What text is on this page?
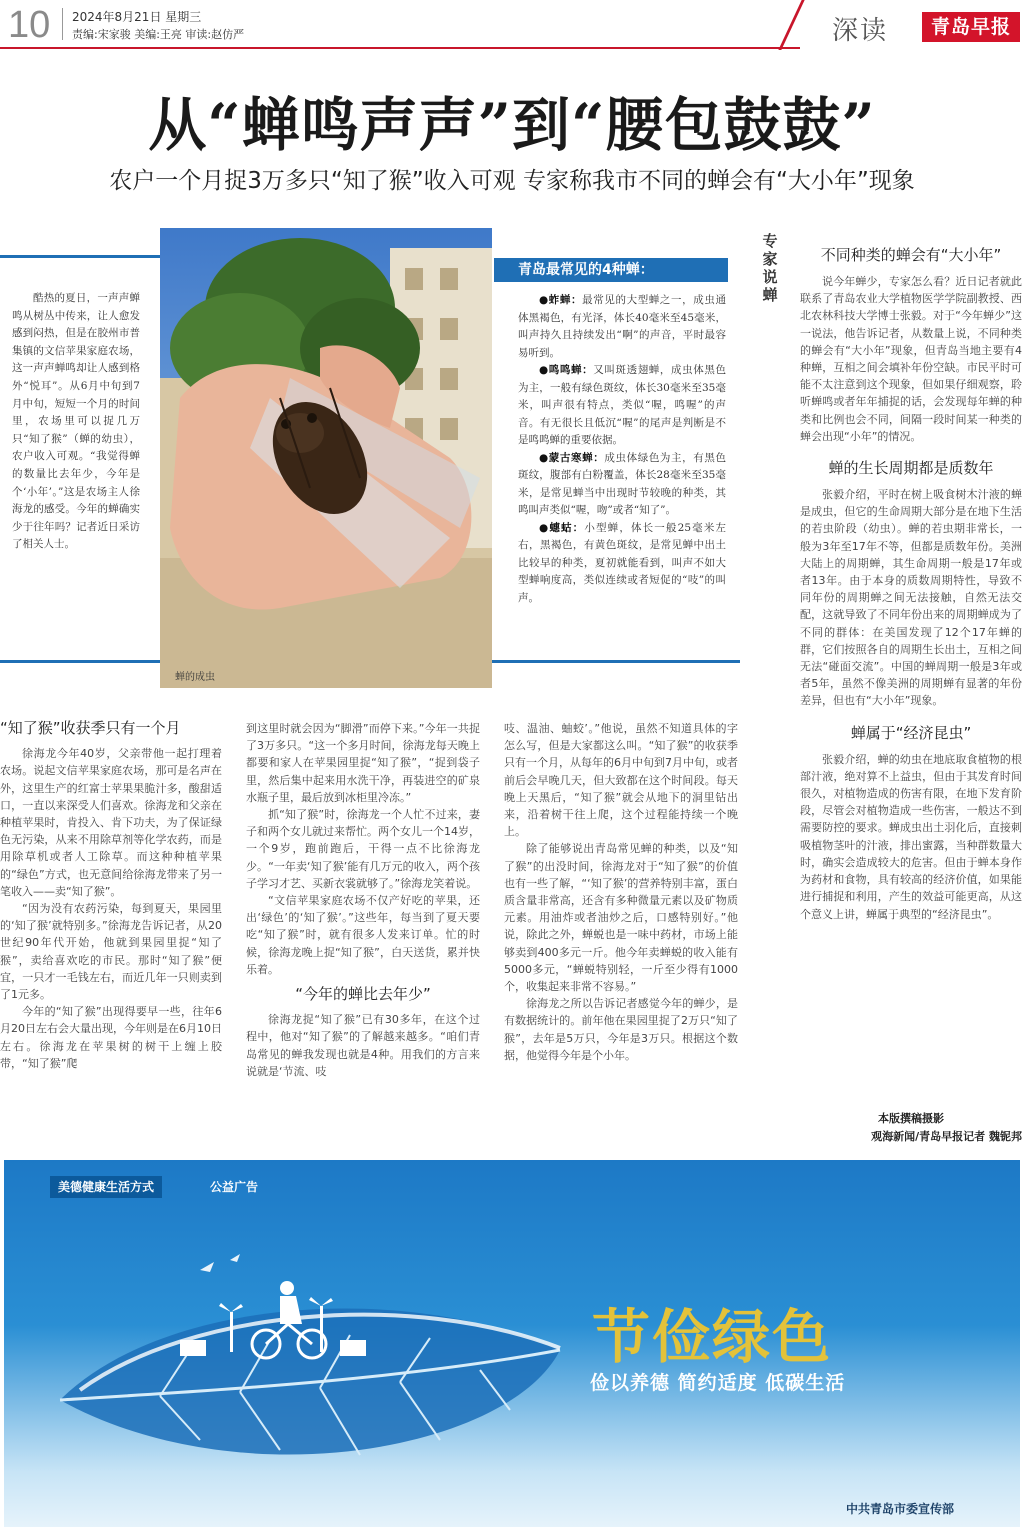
10 2024年8月21日 星期三
责编:宋家骏 美编:王亮 审读:赵仿严	深读	青岛早报
从“蝉鸣声声”到“腰包鼓鼓”
农户一个月捉3万多只“知了猴”收入可观 专家称我市不同的蝉会有“大小年”现象
酷热的夏日，一声声蝉鸣从树丛中传来，让人愈发感到闷热，但是在胶州市普集镇的文信苹果家庭农场，这一声声蝉鸣却让人感到格外“悦耳”。从6月中旬到7月中旬，短短一个月的时间里，农场里可以捉几万只“知了猴”（蝉的幼虫），农户收入可观。“我觉得蝉的数量比去年少，今年是个‘小年’。”这是农场主人徐海龙的感受。今年的蝉确实少于往年吗？记者近日采访了相关人士。
蝉的成虫
青岛最常见的4种蝉：
●蚱蝉：最常见的大型蝉之一，成虫通体黑褐色，有光泽，体长40毫米至45毫米，叫声持久且持续发出“啊”的声音，平时最容易听到。
●鸣鸣蝉：又叫斑透翅蝉，成虫体黑色为主，一般有绿色斑纹，体长30毫米至35毫米，叫声很有特点，类似“喔，鸣喔”的声音。有无很长且低沉“喔”的尾声是判断是不是鸣鸣蝉的重要依据。
●蒙古寒蝉：成虫体绿色为主，有黑色斑纹，腹部有白粉覆盖，体长28毫米至35毫米，是常见蝉当中出现时节较晚的种类，其鸣叫声类似“喔，吻”或者“知了”。
●蟪蛄：小型蝉，体长一般25毫米左右，黑褐色，有黄色斑纹，是常见蝉中出土比较早的种类，夏初就能看到，叫声不如大型蝉响度高，类似连续或者短促的“吱”的叫声。
专家说蝉
不同种类的蝉会有“大小年”

说今年蝉少，专家怎么看？近日记者就此联系了青岛农业大学植物医学学院副教授、西北农林科技大学博士张毅。对于“今年蝉少”这一说法，他告诉记者，从数量上说，不同种类的蝉会有“大小年”现象，但青岛当地主要有4种蝉，互相之间会填补年份空缺。市民平时可能不太注意到这个现象，但如果仔细观察，聆听蝉鸣或者年年捕捉的话，会发现每年蝉的种类和比例也会不同，间隔一段时间某一种类的蝉会出现“小年”的情况。

蝉的生长周期都是质数年

张毅介绍，平时在树上吸食树木汁液的蝉是成虫，但它的生命周期大部分是在地下生活的若虫阶段（幼虫）。蝉的若虫期非常长，一般为3年至17年不等，但都是质数年份。美洲大陆上的周期蝉，其生命周期一般是17年或者13年。由于本身的质数周期特性，导致不同年份的周期蝉之间无法接触，自然无法交配，这就导致了不同年份出来的周期蝉成为了不同的群体：在美国发现了12个17年蝉的群，它们按照各自的周期生长出土，互相之间无法“碰面交流”。中国的蝉周期一般是3年或者5年，虽然不像美洲的周期蝉有显著的年份差异，但也有“大小年”现象。

蝉属于“经济昆虫”

张毅介绍，蝉的幼虫在地底取食植物的根部汁液，绝对算不上益虫，但由于其发育时间很久，对植物造成的伤害有限，在地下发育阶段，尽管会对植物造成一些伤害，一般达不到需要防控的要求。蝉成虫出土羽化后，直接刺吸植物茎叶的汁液，排出蜜露，当种群数量大时，确实会造成较大的危害。但由于蝉本身作为药材和食物，具有较高的经济价值，如果能进行捕捉和利用，产生的效益可能更高，从这个意义上讲，蝉属于典型的“经济昆虫”。

本版撰稿摄影
观海新闻/青岛早报记者 魏铌邦
“知了猴”收获季只有一个月

徐海龙今年40岁，父亲带他一起打理着农场。说起文信苹果家庭农场，那可是名声在外，这里生产的红富士苹果果脆汁多，酸甜适口，一直以来深受人们喜欢。徐海龙和父亲在种植苹果时，肯投入、肯下功夫，为了保证绿色无污染，从来不用除草剂等化学农药，而是用除草机或者人工除草。而这种种植苹果的“绿色”方式，也无意间给徐海龙带来了另一笔收入——卖“知了猴”。

“因为没有农药污染，每到夏天，果园里的‘知了猴’就特别多。”徐海龙告诉记者，从20世纪90年代开始，他就到果园里捉“知了猴”，卖给喜欢吃的市民。那时“知了猴”便宜，一只才一毛钱左右，而近几年一只则卖到了1元多。

今年的“知了猴”出现得要早一些，往年6月20日左右会大量出现，今年则是在6月10日左右。徐海龙在苹果树的树干上缠上胶带，“知了猴”爬

到这里时就会因为“脚滑”而停下来。”今年一共捉了3万多只。“这一个多月时间，徐海龙每天晚上都要和家人在苹果园里捉“知了猴”，“捉到袋子里，然后集中起来用水洗干净，再装进空的矿泉水瓶子里，最后放到冰柜里冷冻。”

抓“知了猴”时，徐海龙一个人忙不过来，妻子和两个女儿就过来帮忙。两个女儿一个14岁，一个9岁，跑前跑后，干得一点不比徐海龙少。“一年卖‘知了猴’能有几万元的收入，两个孩子学习才艺、买新衣裳就够了。”徐海龙笑着说。

“文信苹果家庭农场不仅产好吃的苹果，还出‘绿色’的‘知了猴’。”这些年，每当到了夏天要吃“知了猴”时，就有很多人发来订单。忙的时候，徐海龙晚上捉“知了猴”，白天送货，累并快乐着。

“今年的蝉比去年少”

徐海龙捉“知了猴”已有30多年，在这个过程中，他对“知了猴”的了解越来越多。“咱们青岛常见的蝉我发现也就是4种。用我们的方言来说就是‘节流、吱

吱、温油、蚰蛟’。”他说，虽然不知道具体的字怎么写，但是大家都这么叫。“知了猴”的收获季只有一个月，从每年的6月中旬到7月中旬，或者前后会早晚几天，但大致都在这个时间段。每天晚上天黑后，“知了猴”就会从地下的洞里钻出来，沿着树干往上爬，这个过程能持续一个晚上。

除了能够说出青岛常见蝉的种类，以及“知了猴”的出没时间，徐海龙对于“知了猴”的价值也有一些了解，“‘知了猴’的营养特别丰富，蛋白质含量非常高，还含有多种微量元素以及矿物质元素。用油炸或者油炒之后，口感特别好。”他说，除此之外，蝉蜕也是一味中药材，市场上能够卖到400多元一斤。他今年卖蝉蜕的收入能有5000多元，“蝉蜕特别轻，一斤至少得有1000个，收集起来非常不容易。”

徐海龙之所以告诉记者感觉今年的蝉少，是有数据统计的。前年他在果园里捉了2万只“知了猴”，去年是5万只，今年是3万只。根据这个数据，他觉得今年是个小年。

美德健康生活方式	公益广告
节俭绿色
俭以养德 简约适度 低碳生活
中共青岛市委宣传部
